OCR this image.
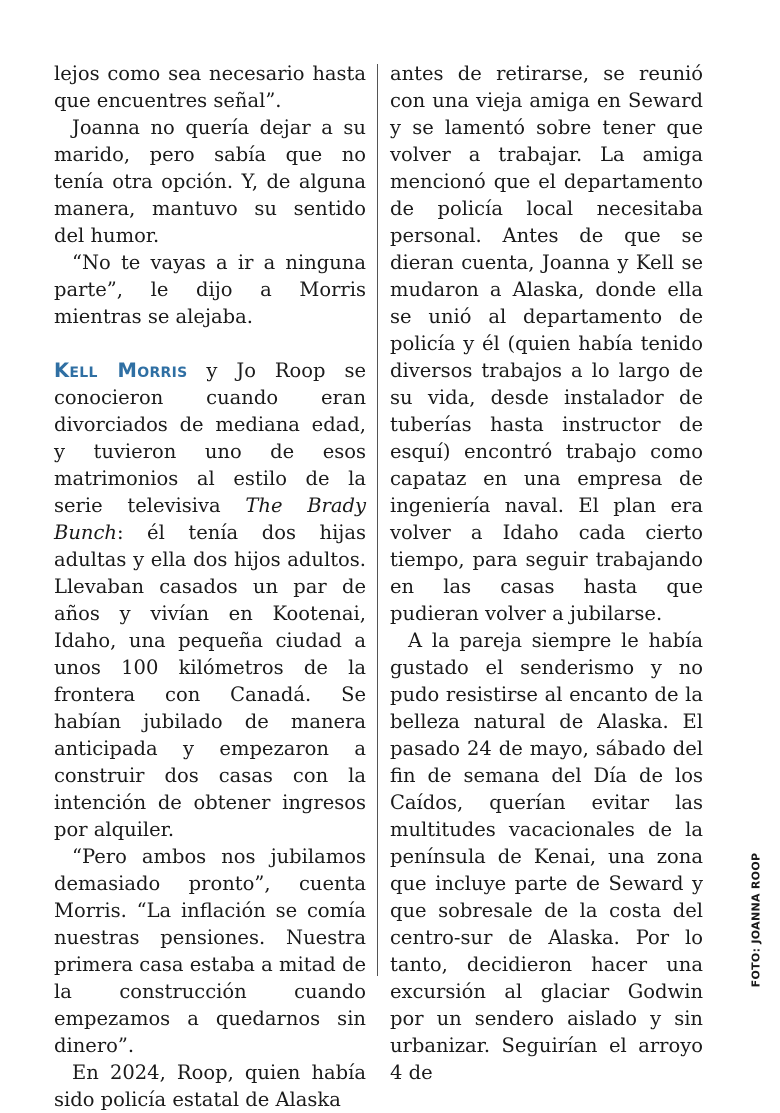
lejos como sea necesario hasta que encuentres señal”.

Joanna no quería dejar a su marido, pero sabía que no tenía otra opción. Y, de alguna manera, mantuvo su sentido del humor.

“No te vayas a ir a ninguna parte”, le dijo a Morris mientras se alejaba.

Kell Morris y Jo Roop se conocieron cuando eran divorciados de mediana edad, y tuvieron uno de esos matrimonios al estilo de la serie televisiva The Brady Bunch: él tenía dos hijas adultas y ella dos hijos adultos. Llevaban casados un par de años y vivían en Kootenai, Idaho, una pequeña ciudad a unos 100 kilómetros de la frontera con Canadá. Se habían jubilado de manera anticipada y empezaron a construir dos casas con la intención de obtener ingresos por alquiler.

“Pero ambos nos jubilamos demasiado pronto”, cuenta Morris. “La inflación se comía nuestras pensiones. Nuestra primera casa estaba a mitad de la construcción cuando empezamos a quedarnos sin dinero”.

En 2024, Roop, quien había sido policía estatal de Alaska

antes de retirarse, se reunió con una vieja amiga en Seward y se lamentó sobre tener que volver a trabajar. La amiga mencionó que el departamento de policía local necesitaba personal. Antes de que se dieran cuenta, Joanna y Kell se mudaron a Alaska, donde ella se unió al departamento de policía y él (quien había tenido diversos trabajos a lo largo de su vida, desde instalador de tuberías hasta instructor de esquí) encontró trabajo como capataz en una empresa de ingeniería naval. El plan era volver a Idaho cada cierto tiempo, para seguir trabajando en las casas hasta que pudieran volver a jubilarse.

A la pareja siempre le había gustado el senderismo y no pudo resistirse al encanto de la belleza natural de Alaska. El pasado 24 de mayo, sábado del fin de semana del Día de los Caídos, querían evitar las multitudes vacacionales de la península de Kenai, una zona que incluye parte de Seward y que sobresale de la costa del centro-sur de Alaska. Por lo tanto, decidieron hacer una excursión al glaciar Godwin por un sendero aislado y sin urbanizar. Seguirían el arroyo 4 de

FOTO: JOANNA ROOP
